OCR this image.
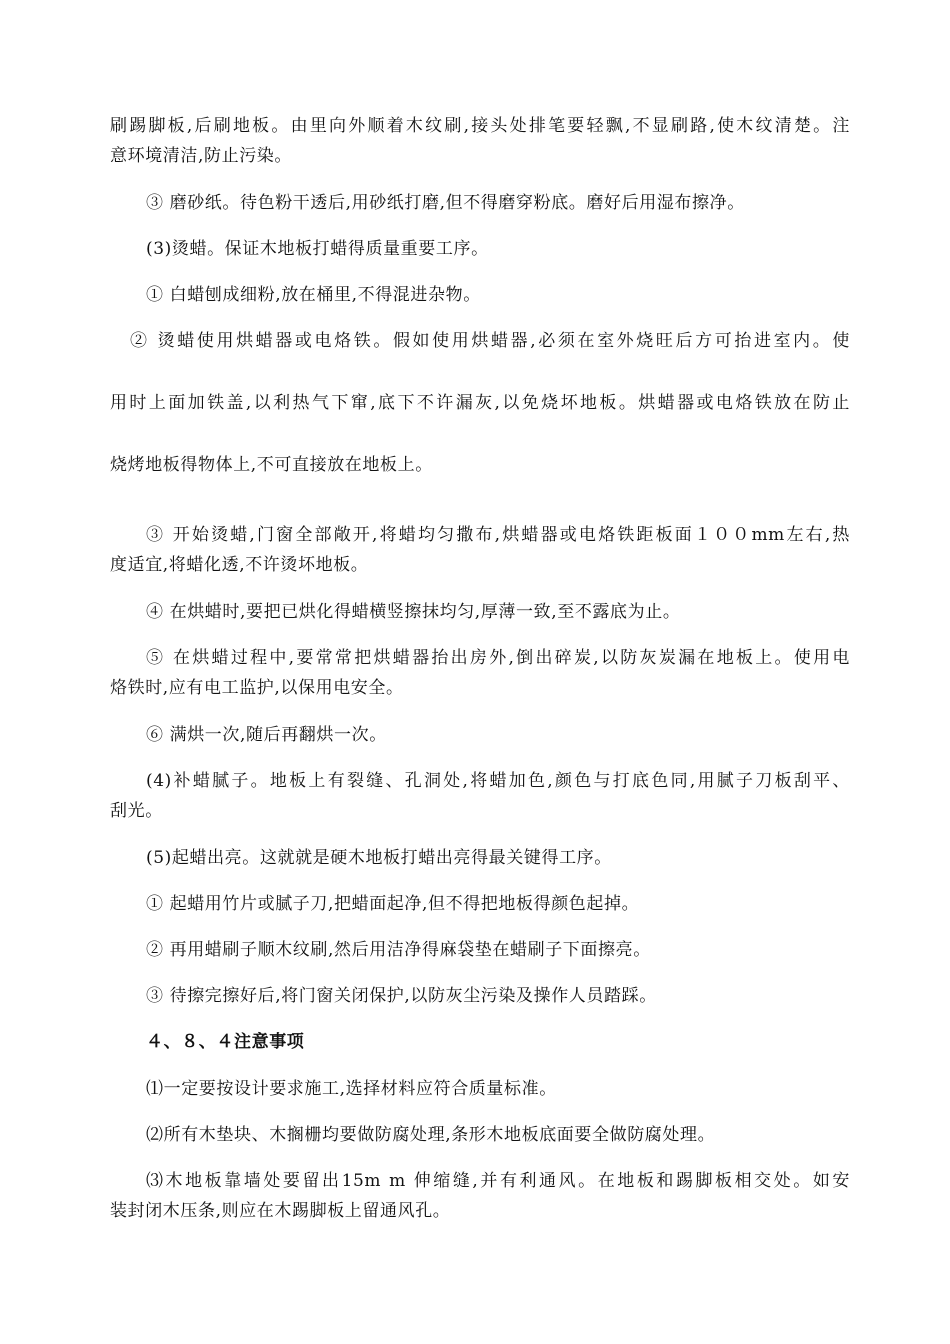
刷踢脚板,后刷地板。由里向外顺着木纹刷,接头处排笔要轻飘,不显刷路,使木纹清楚。注
意环境清洁,防止污染。
③ 磨砂纸。待色粉干透后,用砂纸打磨,但不得磨穿粉底。磨好后用湿布擦净。
(3)烫蜡。保证木地板打蜡得质量重要工序。
① 白蜡刨成细粉,放在桶里,不得混进杂物。
② 烫蜡使用烘蜡器或电烙铁。假如使用烘蜡器,必须在室外烧旺后方可抬进室内。使
用时上面加铁盖,以利热气下窜,底下不许漏灰,以免烧坏地板。烘蜡器或电烙铁放在防止
烧烤地板得物体上,不可直接放在地板上。
③ 开始烫蜡,门窗全部敞开,将蜡均匀撒布,烘蜡器或电烙铁距板面１００mm左右,热
度适宜,将蜡化透,不许烫坏地板。
④ 在烘蜡时,要把已烘化得蜡横竖擦抹均匀,厚薄一致,至不露底为止。
⑤ 在烘蜡过程中,要常常把烘蜡器抬出房外,倒出碎炭,以防灰炭漏在地板上。使用电
烙铁时,应有电工监护,以保用电安全。
⑥ 满烘一次,随后再翻烘一次。
(4)补蜡腻子。地板上有裂缝、孔洞处,将蜡加色,颜色与打底色同,用腻子刀板刮平、
刮光。
(5)起蜡出亮。这就就是硬木地板打蜡出亮得最关键得工序。
① 起蜡用竹片或腻子刀,把蜡面起净,但不得把地板得颜色起掉。
② 再用蜡刷子顺木纹刷,然后用洁净得麻袋垫在蜡刷子下面擦亮。
③ 待擦完擦好后,将门窗关闭保护,以防灰尘污染及操作人员踏踩。
４、８、４注意事项
⑴一定要按设计要求施工,选择材料应符合质量标准。
⑵所有木垫块、木搁栅均要做防腐处理,条形木地板底面要全做防腐处理。
⑶木地板靠墙处要留出15m m 伸缩缝,并有利通风。在地板和踢脚板相交处。如安
装封闭木压条,则应在木踢脚板上留通风孔。
